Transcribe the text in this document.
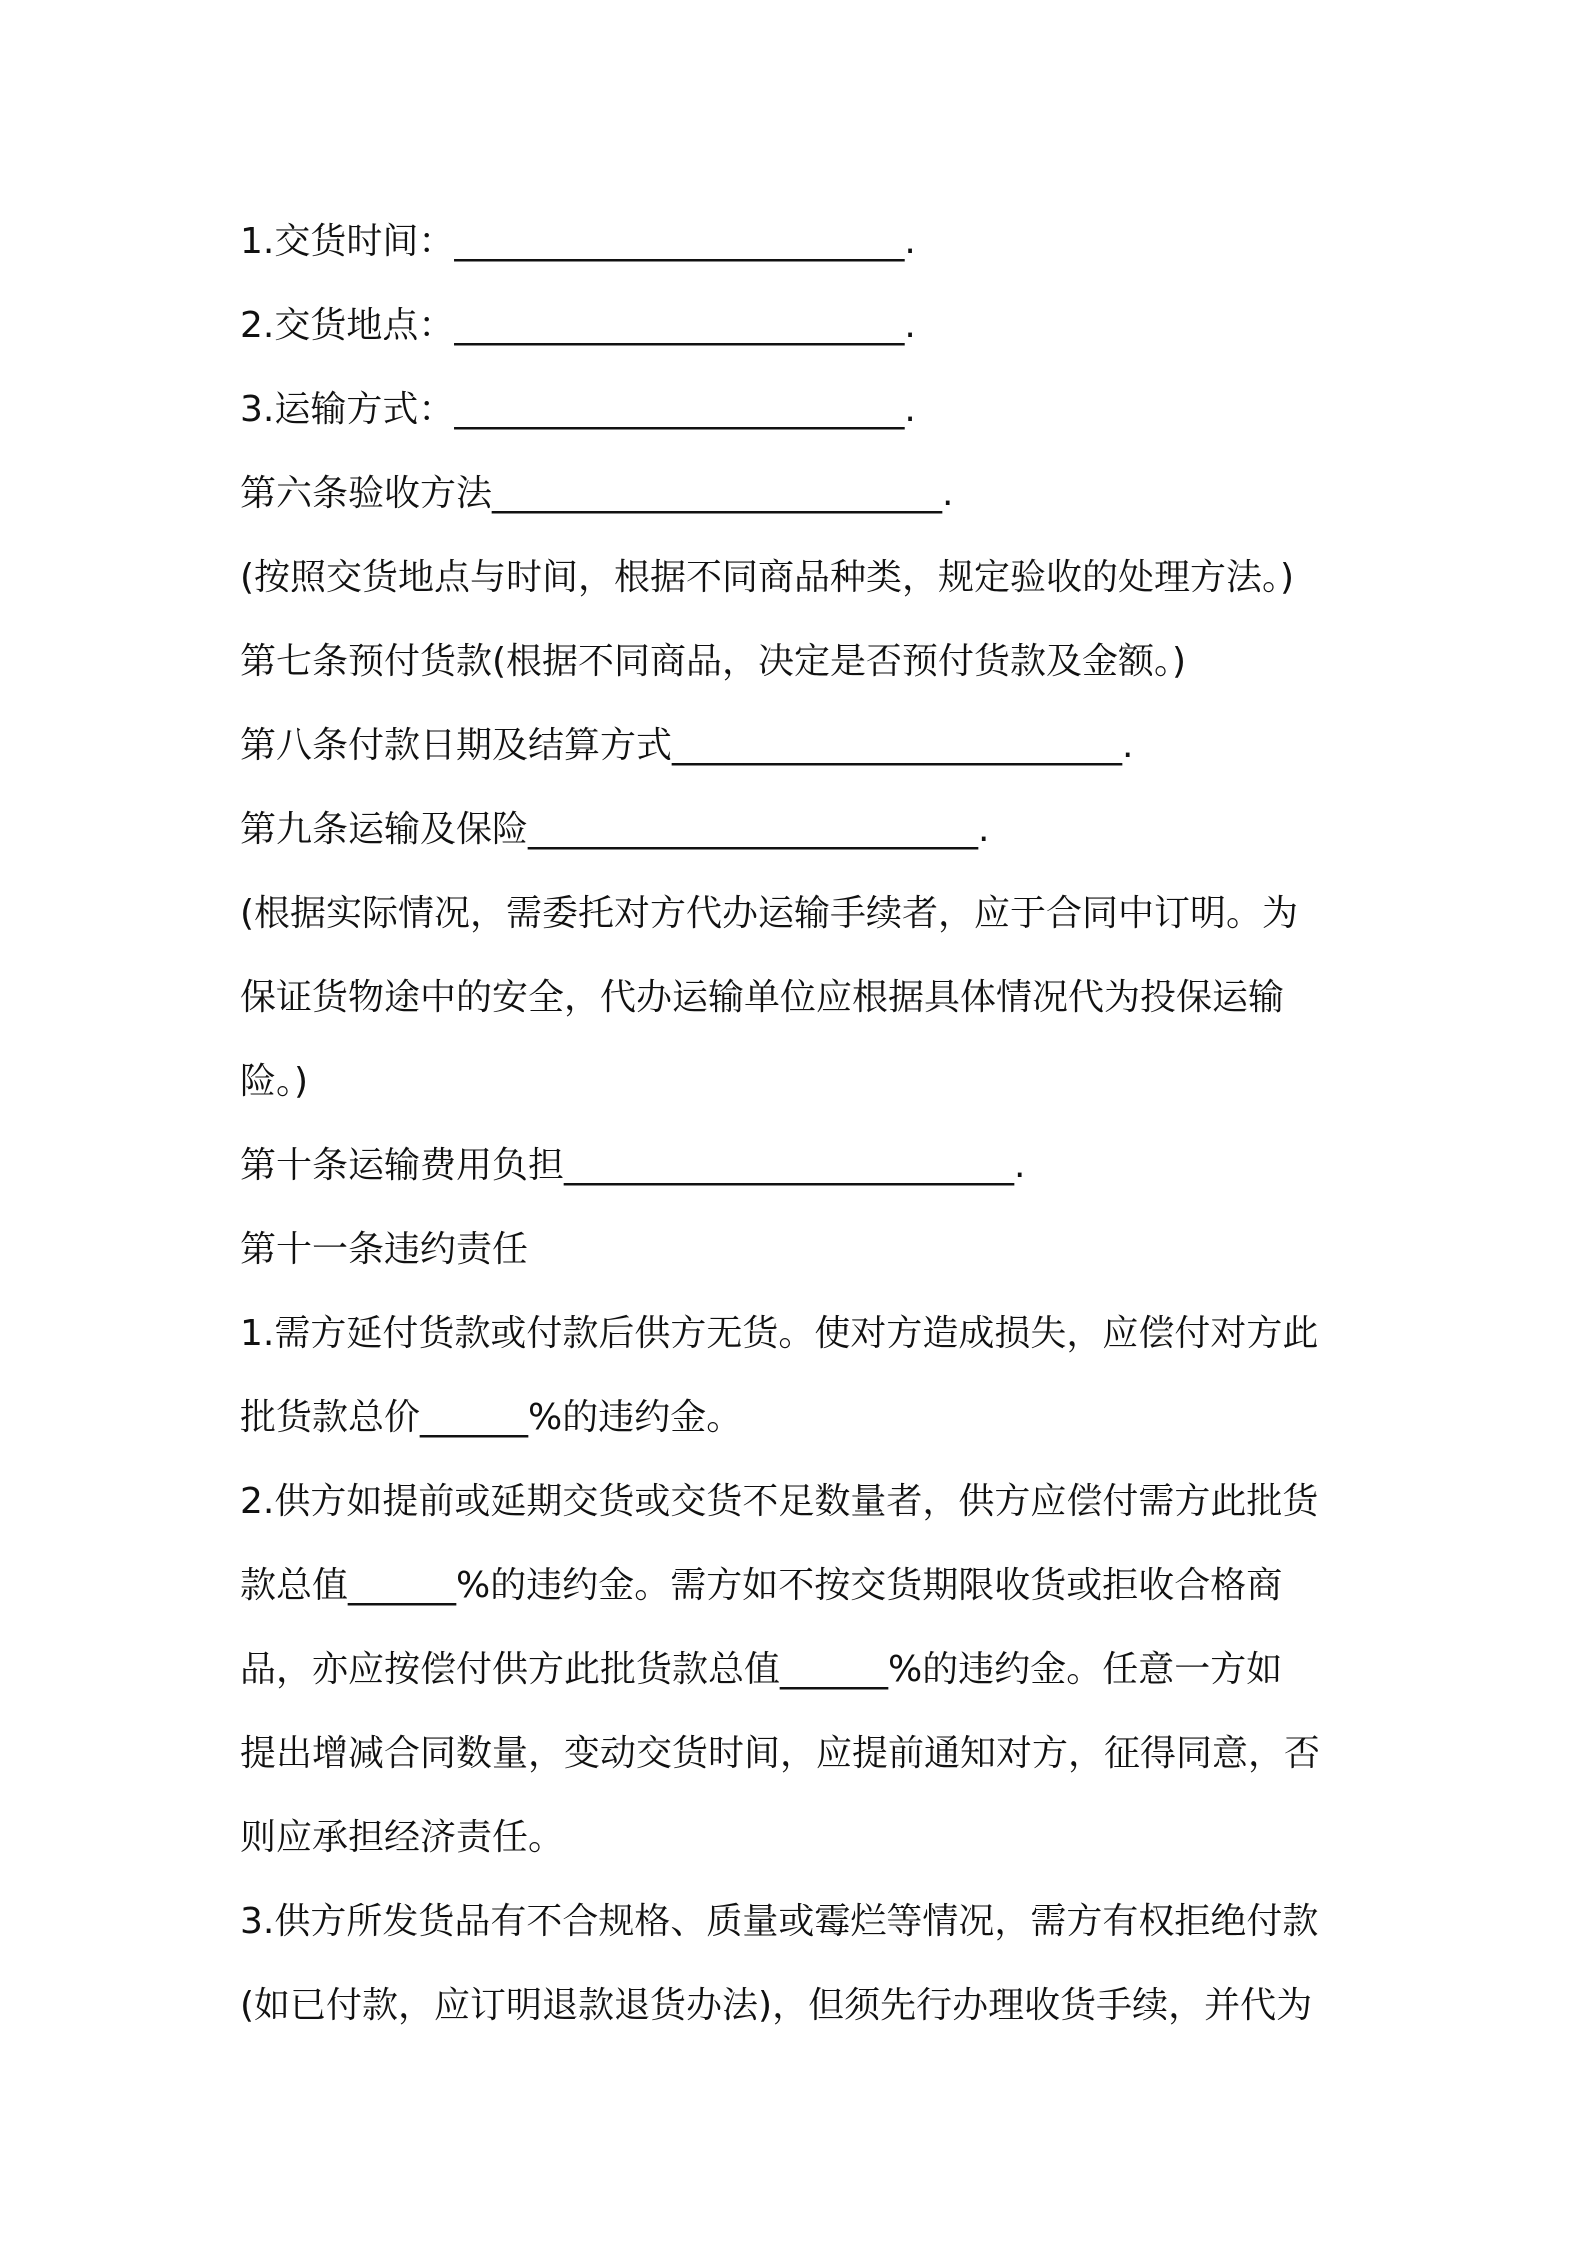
1.交货时间：_________________________.

2.交货地点：_________________________.

3.运输方式：_________________________.

第六条验收方法_________________________.

(按照交货地点与时间，根据不同商品种类，规定验收的处理方法。)

第七条预付货款(根据不同商品，决定是否预付货款及金额。)

第八条付款日期及结算方式_________________________.

第九条运输及保险_________________________.

(根据实际情况，需委托对方代办运输手续者，应于合同中订明。为

保证货物途中的安全，代办运输单位应根据具体情况代为投保运输

险。)

第十条运输费用负担_________________________.

第十一条违约责任

1.需方延付货款或付款后供方无货。使对方造成损失，应偿付对方此

批货款总价______%的违约金。

2.供方如提前或延期交货或交货不足数量者，供方应偿付需方此批货

款总值______%的违约金。需方如不按交货期限收货或拒收合格商

品，亦应按偿付供方此批货款总值______%的违约金。任意一方如

提出增减合同数量，变动交货时间，应提前通知对方，征得同意，否

则应承担经济责任。

3.供方所发货品有不合规格、质量或霉烂等情况，需方有权拒绝付款

(如已付款，应订明退款退货办法)，但须先行办理收货手续，并代为
